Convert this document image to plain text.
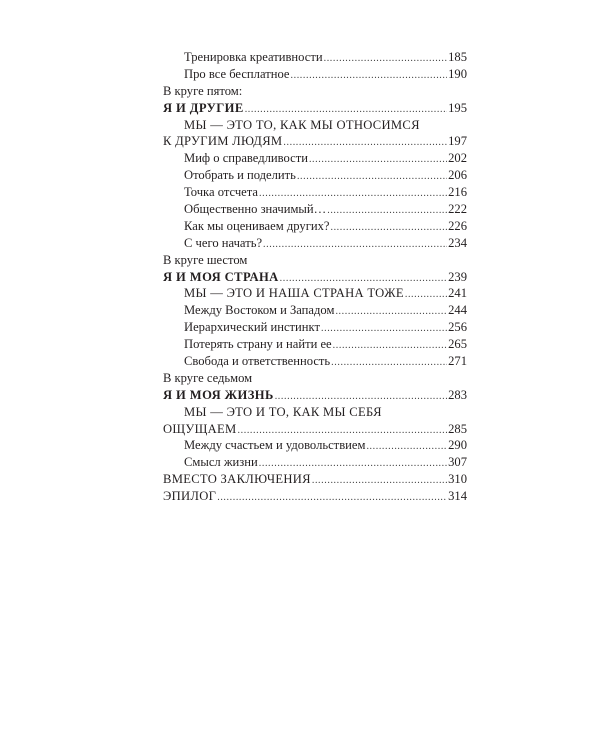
Тренировка креативности .....	185
Про все бесплатное .....	190
В круге пятом:
Я И ДРУГИЕ .....	195
МЫ — ЭТО ТО, КАК МЫ ОТНОСИМСЯ
К ДРУГИМ ЛЮДЯМ .....	197
Миф о справедливости .....	202
Отобрать и поделить .....	206
Точка отсчета .....	216
Общественно значимый… .....	222
Как мы оцениваем других? .....	226
С чего начать? .....	234
В круге шестом
Я И МОЯ СТРАНА .....	239
МЫ — ЭТО И НАША СТРАНА ТОЖЕ .....	241
Между Востоком и Западом .....	244
Иерархический инстинкт .....	256
Потерять страну и найти ее .....	265
Свобода и ответственность .....	271
В круге седьмом
Я И МОЯ ЖИЗНЬ .....	283
МЫ — ЭТО И ТО, КАК МЫ СЕБЯ
ОЩУЩАЕМ .....	285
Между счастьем и удовольствием .....	290
Смысл жизни .....	307
ВМЕСТО ЗАКЛЮЧЕНИЯ .....	310
ЭПИЛОГ .....	314
